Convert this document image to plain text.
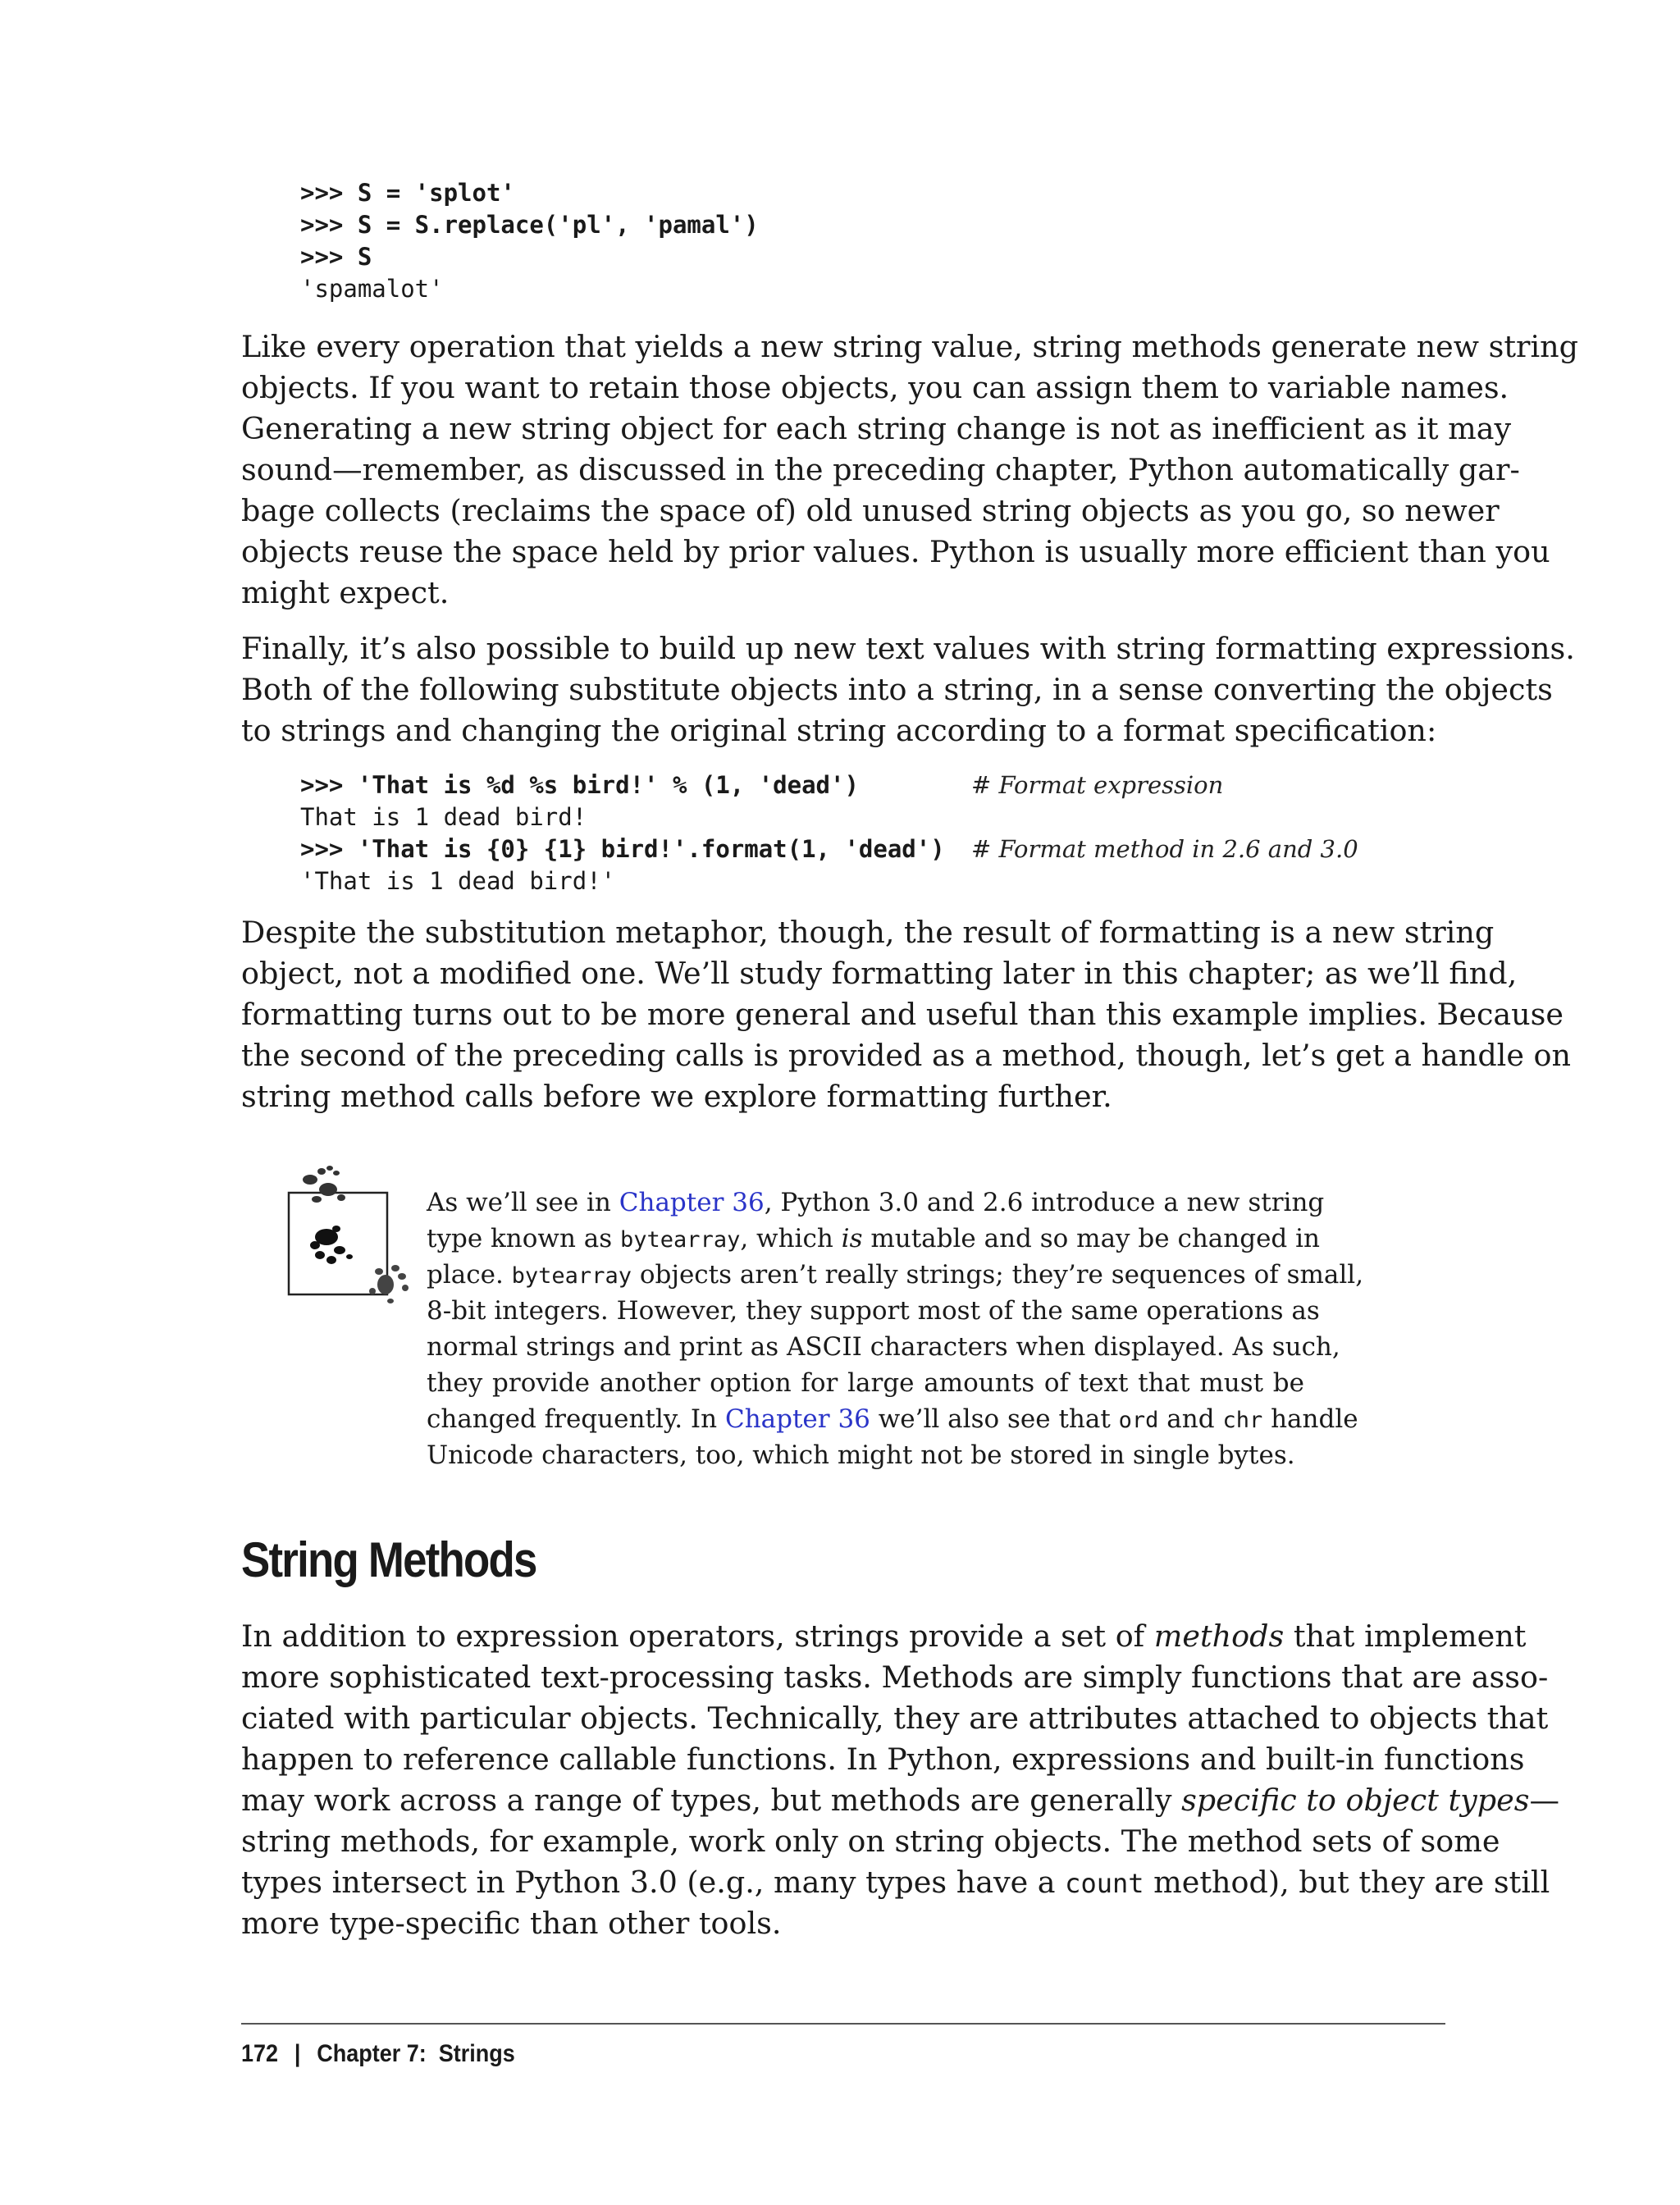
>>> S = 'splot'
>>> S = S.replace('pl', 'pamal')
>>> S
'spamalot'
Like every operation that yields a new string value, string methods generate new string
objects. If you want to retain those objects, you can assign them to variable names.
Generating a new string object for each string change is not as inefficient as it may
sound—remember, as discussed in the preceding chapter, Python automatically gar-
bage collects (reclaims the space of) old unused string objects as you go, so newer
objects reuse the space held by prior values. Python is usually more efficient than you
might expect.
Finally, it’s also possible to build up new text values with string formatting expressions.
Both of the following substitute objects into a string, in a sense converting the objects
to strings and changing the original string according to a format specification:
>>> 'That is %d %s bird!' % (1, 'dead')	# Format expression
That is 1 dead bird!
>>> 'That is {0} {1} bird!'.format(1, 'dead') # Format method in 2.6 and 3.0
'That is 1 dead bird!'
Despite the substitution metaphor, though, the result of formatting is a new string
object, not a modified one. We’ll study formatting later in this chapter; as we’ll find,
formatting turns out to be more general and useful than this example implies. Because
the second of the preceding calls is provided as a method, though, let’s get a handle on
string method calls before we explore formatting further.
As we’ll see in Chapter 36, Python 3.0 and 2.6 introduce a new string
type known as bytearray, which is mutable and so may be changed in
place. bytearray objects aren’t really strings; they’re sequences of small,
8-bit integers. However, they support most of the same operations as
normal strings and print as ASCII characters when displayed. As such,
they provide another option for large amounts of text that must be
changed frequently. In Chapter 36 we’ll also see that ord and chr handle
Unicode characters, too, which might not be stored in single bytes.
String Methods
In addition to expression operators, strings provide a set of methods that implement
more sophisticated text-processing tasks. Methods are simply functions that are asso-
ciated with particular objects. Technically, they are attributes attached to objects that
happen to reference callable functions. In Python, expressions and built-in functions
may work across a range of types, but methods are generally specific to object types—
string methods, for example, work only on string objects. The method sets of some
types intersect in Python 3.0 (e.g., many types have a count method), but they are still
more type-specific than other tools.
172 | Chapter 7:  Strings
